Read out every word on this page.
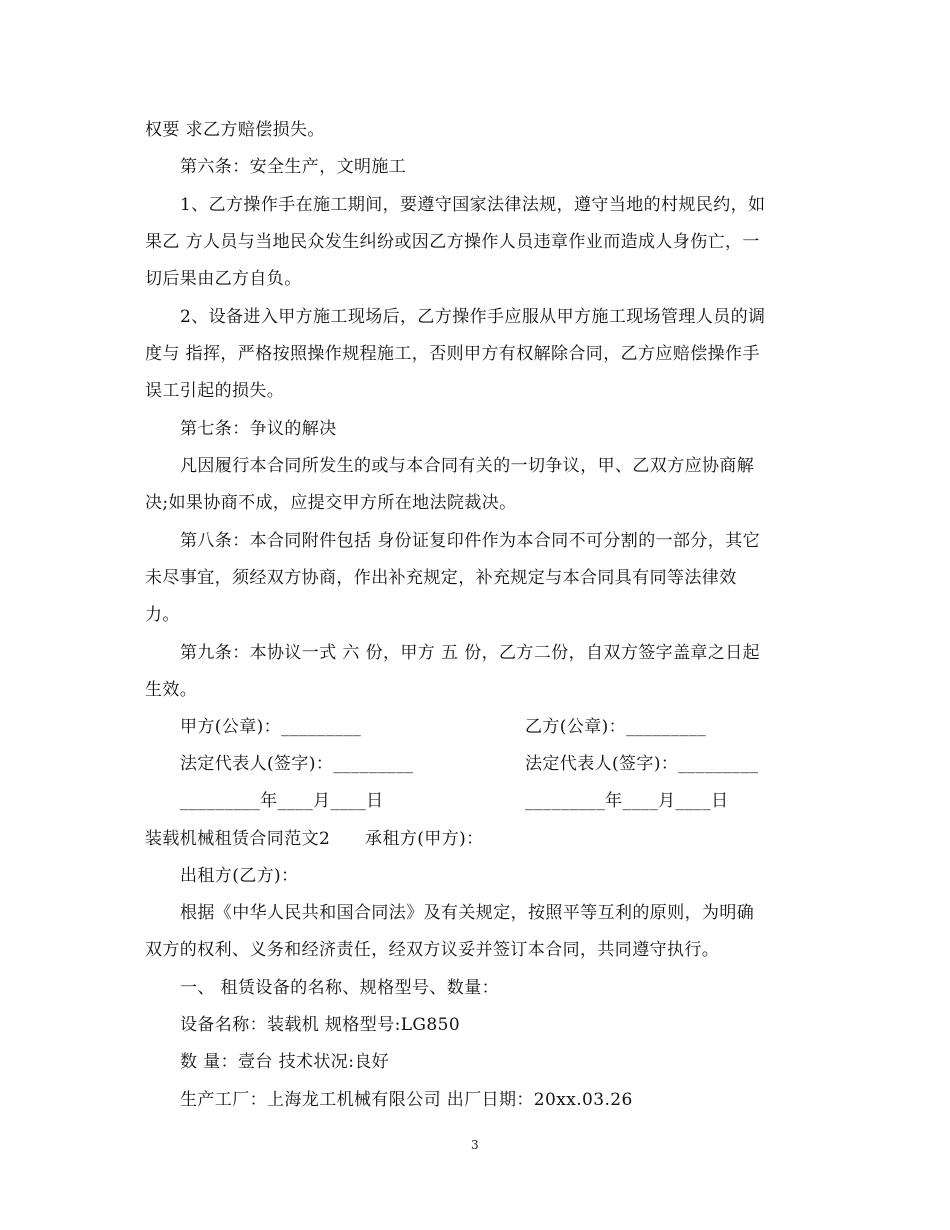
权要 求乙方赔偿损失。
第六条：安全生产，文明施工
1、乙方操作手在施工期间，要遵守国家法律法规，遵守当地的村规民约，如
果乙 方人员与当地民众发生纠纷或因乙方操作人员违章作业而造成人身伤亡，一
切后果由乙方自负。
2、设备进入甲方施工现场后，乙方操作手应服从甲方施工现场管理人员的调
度与 指挥，严格按照操作规程施工，否则甲方有权解除合同，乙方应赔偿操作手
误工引起的损失。
第七条：争议的解决
凡因履行本合同所发生的或与本合同有关的一切争议，甲、乙双方应协商解
决;如果协商不成，应提交甲方所在地法院裁决。
第八条：本合同附件包括 身份证复印件作为本合同不可分割的一部分，其它
未尽事宜，须经双方协商，作出补充规定，补充规定与本合同具有同等法律效
力。
第九条：本协议一式 六 份，甲方 五 份，乙方二份，自双方签字盖章之日起
生效。
甲方(公章)：_________	乙方(公章)：_________
法定代表人(签字)：_________	法定代表人(签字)：_________
_________年____月____日	_________年____月____日
装载机械租赁合同范文2      承租方(甲方)：
出租方(乙方)：
根据《中华人民共和国合同法》及有关规定，按照平等互利的原则，为明确
双方的权利、义务和经济责任，经双方议妥并签订本合同，共同遵守执行。
一、 租赁设备的名称、规格型号、数量：
设备名称：装载机 规格型号:LG850
数 量：壹台 技术状况:良好
生产工厂：上海龙工机械有限公司 出厂日期：20xx.03.26
3
